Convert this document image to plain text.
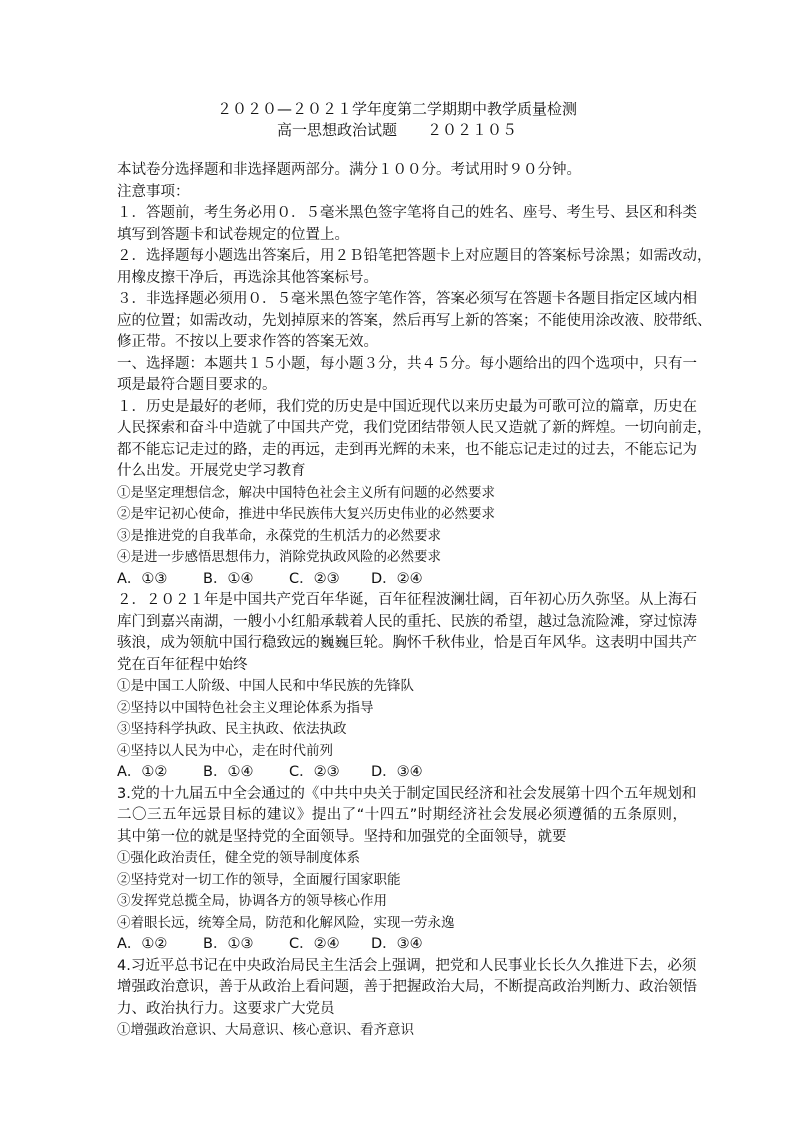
２０２０—２０２１学年度第二学期期中教学质量检测
高一思想政治试题　　２０２１０５
本试卷分选择题和非选择题两部分。满分１００分。考试用时９０分钟。
注意事项：
１．答题前，考生务必用０．５毫米黑色签字笔将自己的姓名、座号、考生号、县区和科类
填写到答题卡和试卷规定的位置上。
２．选择题每小题选出答案后，用２Ｂ铅笔把答题卡上对应题目的答案标号涂黑；如需改动，
用橡皮擦干净后，再选涂其他答案标号。
３．非选择题必须用０．５毫米黑色签字笔作答，答案必须写在答题卡各题目指定区域内相
应的位置；如需改动，先划掉原来的答案，然后再写上新的答案；不能使用涂改液、胶带纸、
修正带。不按以上要求作答的答案无效。
一、选择题：本题共１５小题，每小题３分，共４５分。每小题给出的四个选项中，只有一
项是最符合题目要求的。
１．历史是最好的老师，我们党的历史是中国近现代以来历史最为可歌可泣的篇章，历史在
人民探索和奋斗中造就了中国共产党，我们党团结带领人民又造就了新的辉煌。一切向前走，
都不能忘记走过的路，走的再远，走到再光辉的未来，也不能忘记走过的过去，不能忘记为
什么出发。开展党史学习教育
①是坚定理想信念，解决中国特色社会主义所有问题的必然要求
②是牢记初心使命，推进中华民族伟大复兴历史伟业的必然要求
③是推进党的自我革命，永葆党的生机活力的必然要求
④是进一步感悟思想伟力，消除党执政风险的必然要求
A．①③ B．①④ C．②③ D．②④
２．２０２１年是中国共产党百年华诞，百年征程波澜壮阔，百年初心历久弥坚。从上海石
库门到嘉兴南湖，一艘小小红船承载着人民的重托、民族的希望，越过急流险滩，穿过惊涛
骇浪，成为领航中国行稳致远的巍巍巨轮。胸怀千秋伟业，恰是百年风华。这表明中国共产
党在百年征程中始终
①是中国工人阶级、中国人民和中华民族的先锋队
②坚持以中国特色社会主义理论体系为指导
③坚持科学执政、民主执政、依法执政
④坚持以人民为中心，走在时代前列
A．①② B．①④ C．②③ D．③④
3.党的十九届五中全会通过的《中共中央关于制定国民经济和社会发展第十四个五年规划和
二〇三五年远景目标的建议》提出了“十四五”时期经济社会发展必须遵循的五条原则，
其中第一位的就是坚持党的全面领导。坚持和加强党的全面领导，就要
①强化政治责任，健全党的领导制度体系
②坚持党对一切工作的领导，全面履行国家职能
③发挥党总揽全局，协调各方的领导核心作用
④着眼长远，统筹全局，防范和化解风险，实现一劳永逸
A．①② B．①③ C．②④ D．③④
4.习近平总书记在中央政治局民主生活会上强调，把党和人民事业长长久久推进下去，必须
增强政治意识，善于从政治上看问题，善于把握政治大局，不断提高政治判断力、政治领悟
力、政治执行力。这要求广大党员
①增强政治意识、大局意识、核心意识、看齐意识
